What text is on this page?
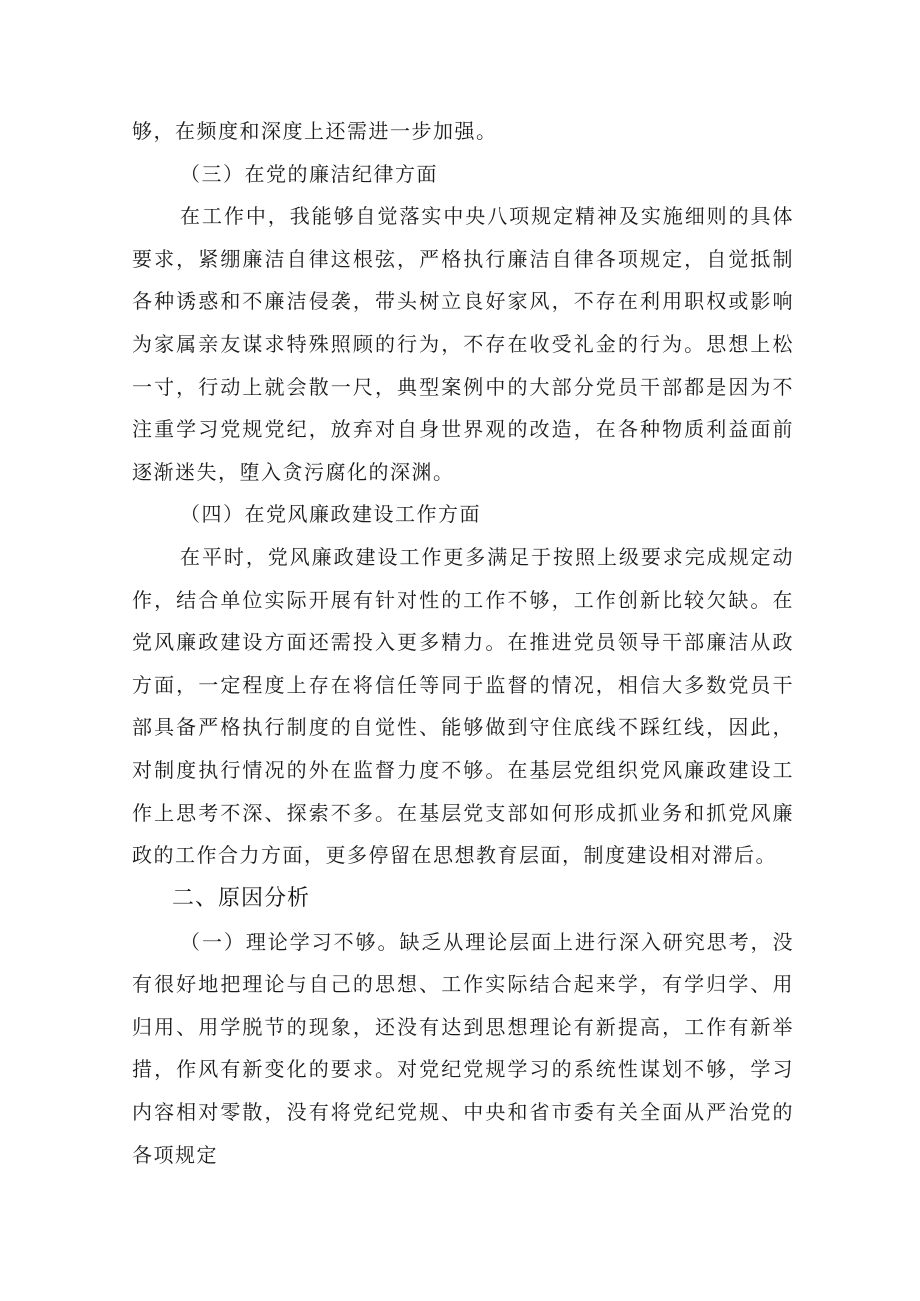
够，在频度和深度上还需进一步加强。

（三）在党的廉洁纪律方面

在工作中，我能够自觉落实中央八项规定精神及实施细则的具体要求，紧绷廉洁自律这根弦，严格执行廉洁自律各项规定，自觉抵制各种诱惑和不廉洁侵袭，带头树立良好家风，不存在利用职权或影响为家属亲友谋求特殊照顾的行为，不存在收受礼金的行为。思想上松一寸，行动上就会散一尺，典型案例中的大部分党员干部都是因为不注重学习党规党纪，放弃对自身世界观的改造，在各种物质利益面前逐渐迷失，堕入贪污腐化的深渊。

（四）在党风廉政建设工作方面

在平时，党风廉政建设工作更多满足于按照上级要求完成规定动作，结合单位实际开展有针对性的工作不够，工作创新比较欠缺。在党风廉政建设方面还需投入更多精力。在推进党员领导干部廉洁从政方面，一定程度上存在将信任等同于监督的情况，相信大多数党员干部具备严格执行制度的自觉性、能够做到守住底线不踩红线，因此，对制度执行情况的外在监督力度不够。在基层党组织党风廉政建设工作上思考不深、探索不多。在基层党支部如何形成抓业务和抓党风廉政的工作合力方面，更多停留在思想教育层面，制度建设相对滞后。

二、原因分析

（一）理论学习不够。缺乏从理论层面上进行深入研究思考，没有很好地把理论与自己的思想、工作实际结合起来学，有学归学、用归用、用学脱节的现象，还没有达到思想理论有新提高，工作有新举措，作风有新变化的要求。对党纪党规学习的系统性谋划不够，学习内容相对零散，没有将党纪党规、中央和省市委有关全面从严治党的各项规定
